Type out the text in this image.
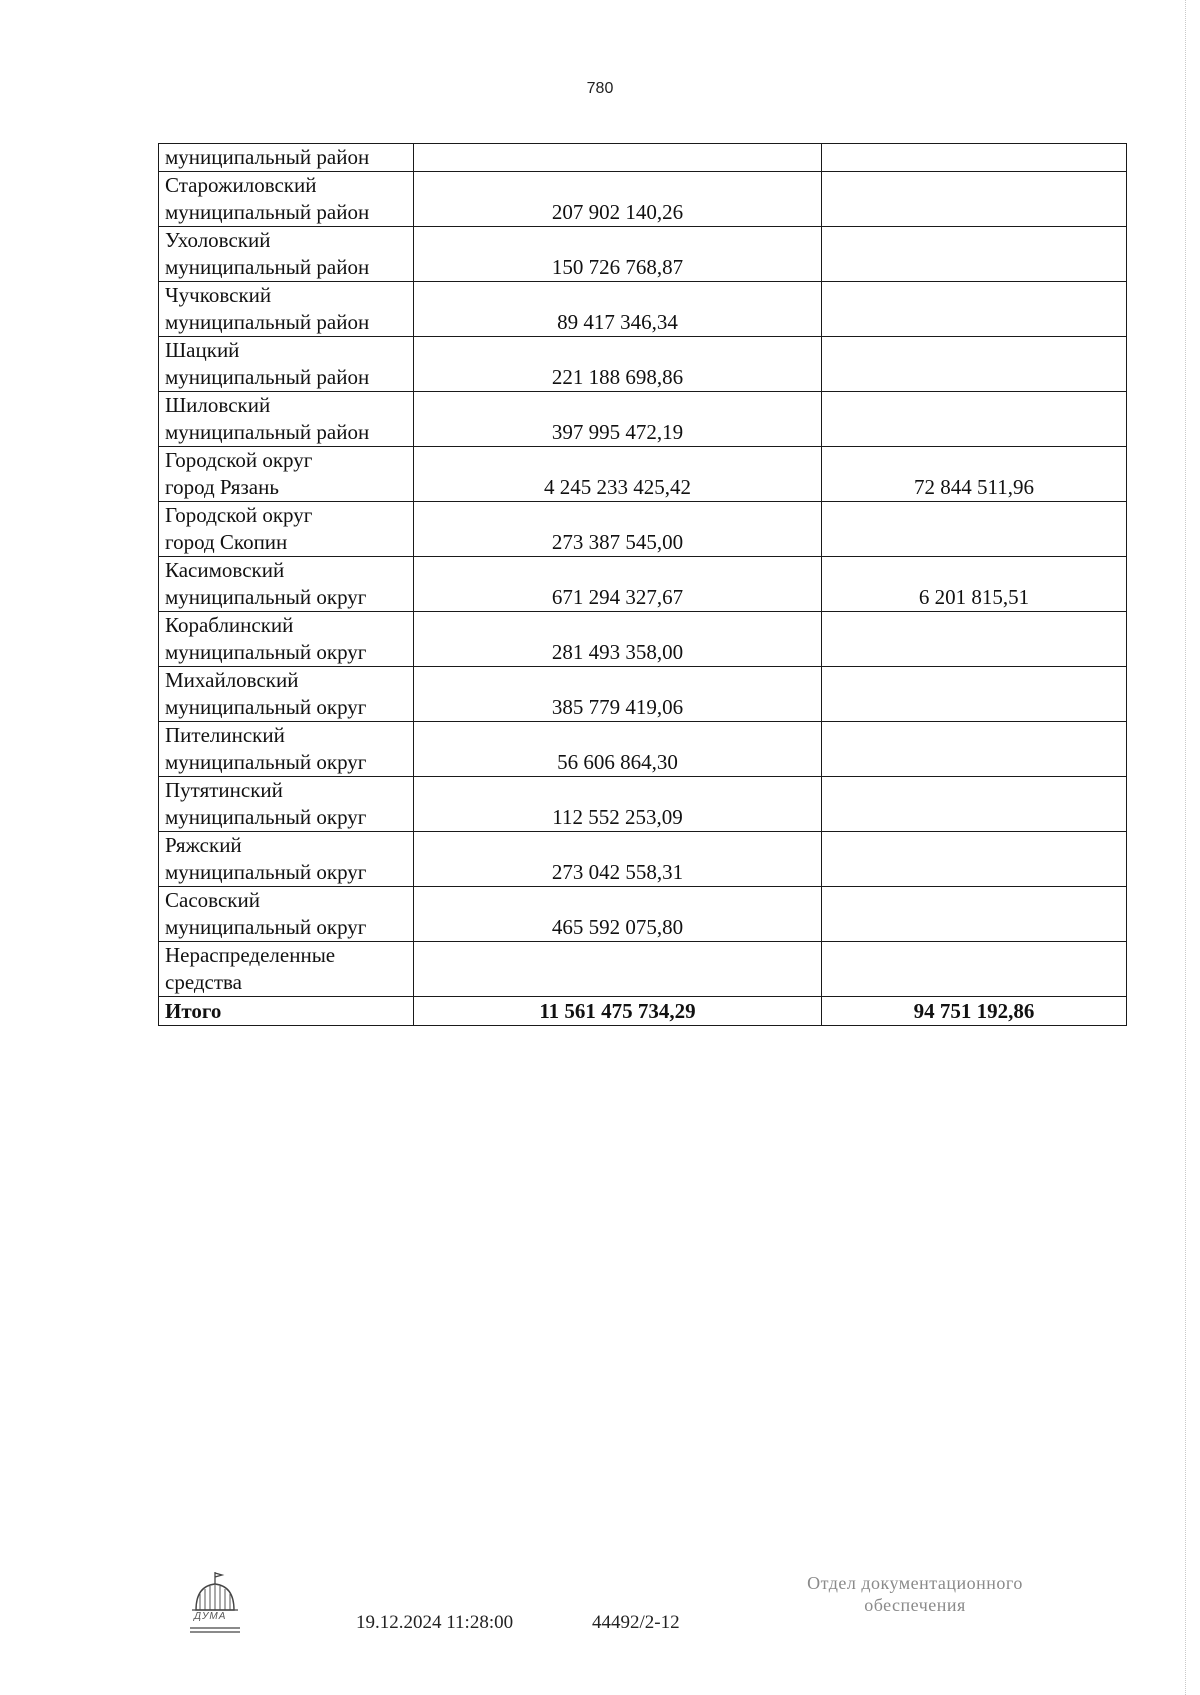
780
муниципальный район		

Старожиловский
муниципальный район	207 902 140,26	

Ухоловский
муниципальный район	150 726 768,87	

Чучковский
муниципальный район	89 417 346,34	

Шацкий
муниципальный район	221 188 698,86	

Шиловский
муниципальный район	397 995 472,19	

Городской округ
город Рязань	4 245 233 425,42	72 844 511,96

Городской округ
город Скопин	273 387 545,00	

Касимовский
муниципальный округ	671 294 327,67	6 201 815,51

Кораблинский
муниципальный округ	281 493 358,00	

Михайловский
муниципальный округ	385 779 419,06	

Пителинский
муниципальный округ	56 606 864,30	

Путятинский
муниципальный округ	112 552 253,09	

Ряжский
муниципальный округ	273 042 558,31	

Сасовский
муниципальный округ	465 592 075,80	

Нераспределенные
средства		

Итого	11 561 475 734,29	94 751 192,86
ДУМА	19.12.2024 11:28:00	44492/2-12
Отдел документационного
обеспечения
